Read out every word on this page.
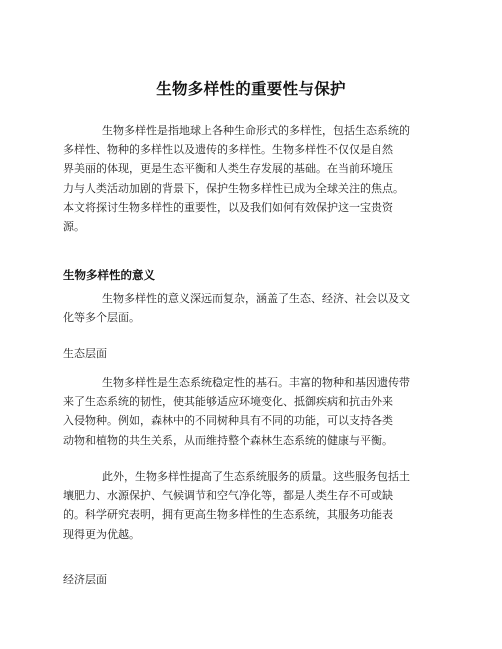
生物多样性的重要性与保护
生物多样性是指地球上各种生命形式的多样性，包括生态系统的
多样性、物种的多样性以及遗传的多样性。生物多样性不仅仅是自然
界美丽的体现，更是生态平衡和人类生存发展的基础。在当前环境压
力与人类活动加剧的背景下，保护生物多样性已成为全球关注的焦点。
本文将探讨生物多样性的重要性，以及我们如何有效保护这一宝贵资
源。
生物多样性的意义
生物多样性的意义深远而复杂，涵盖了生态、经济、社会以及文
化等多个层面。
生态层面
生物多样性是生态系统稳定性的基石。丰富的物种和基因遗传带
来了生态系统的韧性，使其能够适应环境变化、抵御疾病和抗击外来
入侵物种。例如，森林中的不同树种具有不同的功能，可以支持各类
动物和植物的共生关系，从而维持整个森林生态系统的健康与平衡。
此外，生物多样性提高了生态系统服务的质量。这些服务包括土
壤肥力、水源保护、气候调节和空气净化等，都是人类生存不可或缺
的。科学研究表明，拥有更高生物多样性的生态系统，其服务功能表
现得更为优越。
经济层面
